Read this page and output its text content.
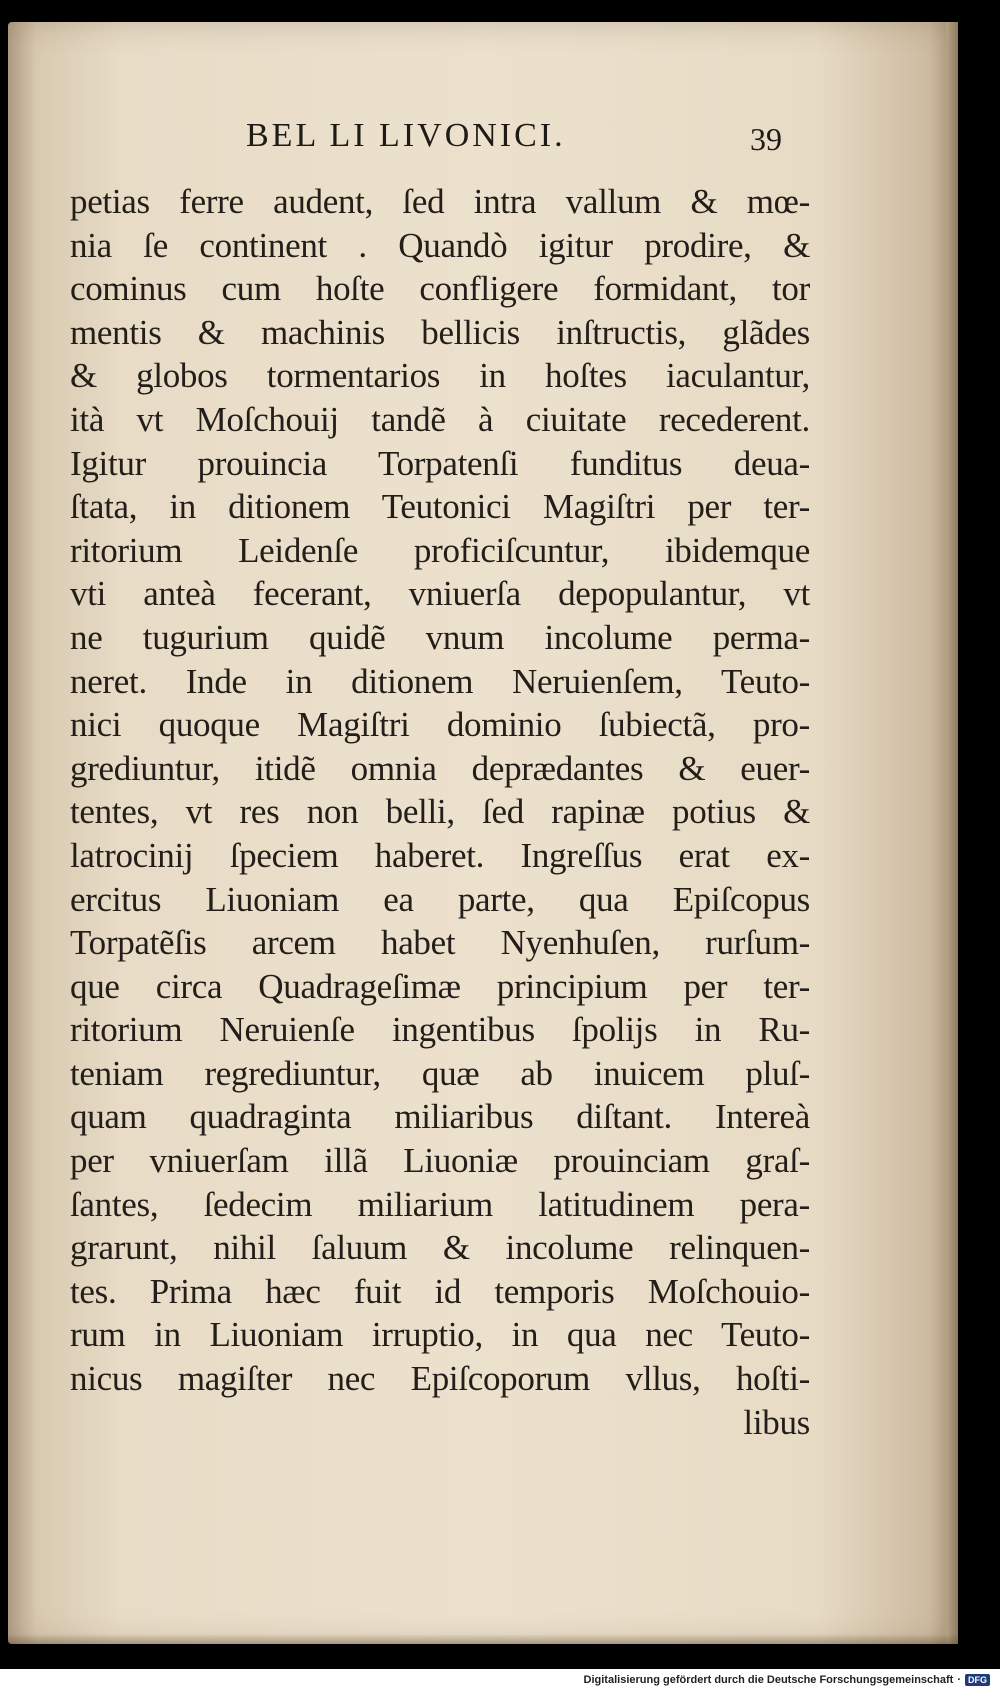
BEL LI LIVONICI.	39
petias ferre audent, ſed intra vallum & mœ-
nia ſe continent . Quandò igitur prodire, &
cominus cum hoſte confligere formidant, tor
mentis & machinis bellicis inſtructis, glãdes
& globos tormentarios in hoſtes iaculantur,
ità vt Moſchouij tandẽ à ciuitate recederent.
Igitur prouincia Torpatenſi funditus deua-
ſtata, in ditionem Teutonici Magiſtri per ter-
ritorium Leidenſe proficiſcuntur, ibidemque
vti anteà fecerant, vniuerſa depopulantur, vt
ne tugurium quidẽ vnum incolume perma-
neret. Inde in ditionem Neruienſem, Teuto-
nici quoque Magiſtri dominio ſubiectã, pro-
grediuntur, itidẽ omnia deprædantes & euer-
tentes, vt res non belli, ſed rapinæ potius &
latrocinij ſpeciem haberet. Ingreſſus erat ex-
ercitus Liuoniam ea parte, qua Epiſcopus
Torpatẽſis arcem habet Nyenhuſen, rurſum-
que circa Quadrageſimæ principium per ter-
ritorium Neruienſe ingentibus ſpolijs in Ru-
teniam regrediuntur, quæ ab inuicem pluſ-
quam quadraginta miliaribus diſtant. Intereà
per vniuerſam illã Liuoniæ prouinciam graſ-
ſantes, ſedecim miliarium latitudinem pera-
grarunt, nihil ſaluum & incolume relinquen-
tes. Prima hæc fuit id temporis Moſchouio-
rum in Liuoniam irruptio, in qua nec Teuto-
nicus magiſter nec Epiſcoporum vllus, hoſti-
libus
Digitalisierung gefördert durch die Deutsche Forschungsgemeinschaft · DFG
